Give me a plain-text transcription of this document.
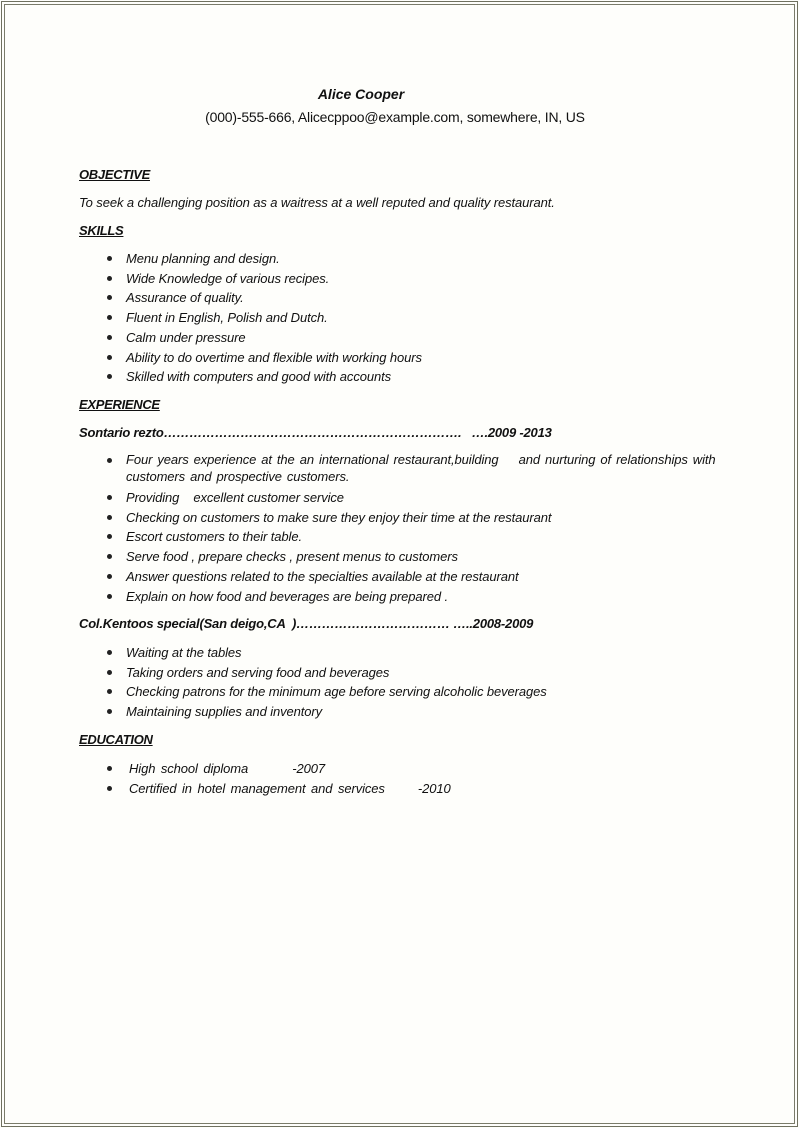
Alice Cooper
(000)-555-666, Alicecppoo@example.com, somewhere, IN, US
OBJECTIVE
To seek a challenging position as a waitress at a well reputed and quality restaurant.
SKILLS
Menu planning and design.
Wide Knowledge of various recipes.
Assurance of quality.
Fluent in English, Polish and Dutch.
Calm under pressure
Ability to do overtime and flexible with working hours
Skilled with computers and good with accounts
EXPERIENCE
Sontario rezto…………………………………………………………….   ….2009 -2013
Four years experience at the an international restaurant,building    and nurturing of relationships with customers and prospective customers.
Providing    excellent customer service
Checking on customers to make sure they enjoy their time at the restaurant
Escort customers to their table.
Serve food , prepare checks , present menus to customers
Answer questions related to the specialties available at the restaurant
Explain on how food and beverages are being prepared .
Col.Kentoos special(San deigo,CA  )……………………………… …..2008-2009
Waiting at the tables
Taking orders and serving food and beverages
Checking patrons for the minimum age before serving alcoholic beverages
Maintaining supplies and inventory
EDUCATION
High school diploma        -2007
Certified in hotel management and services      -2010
